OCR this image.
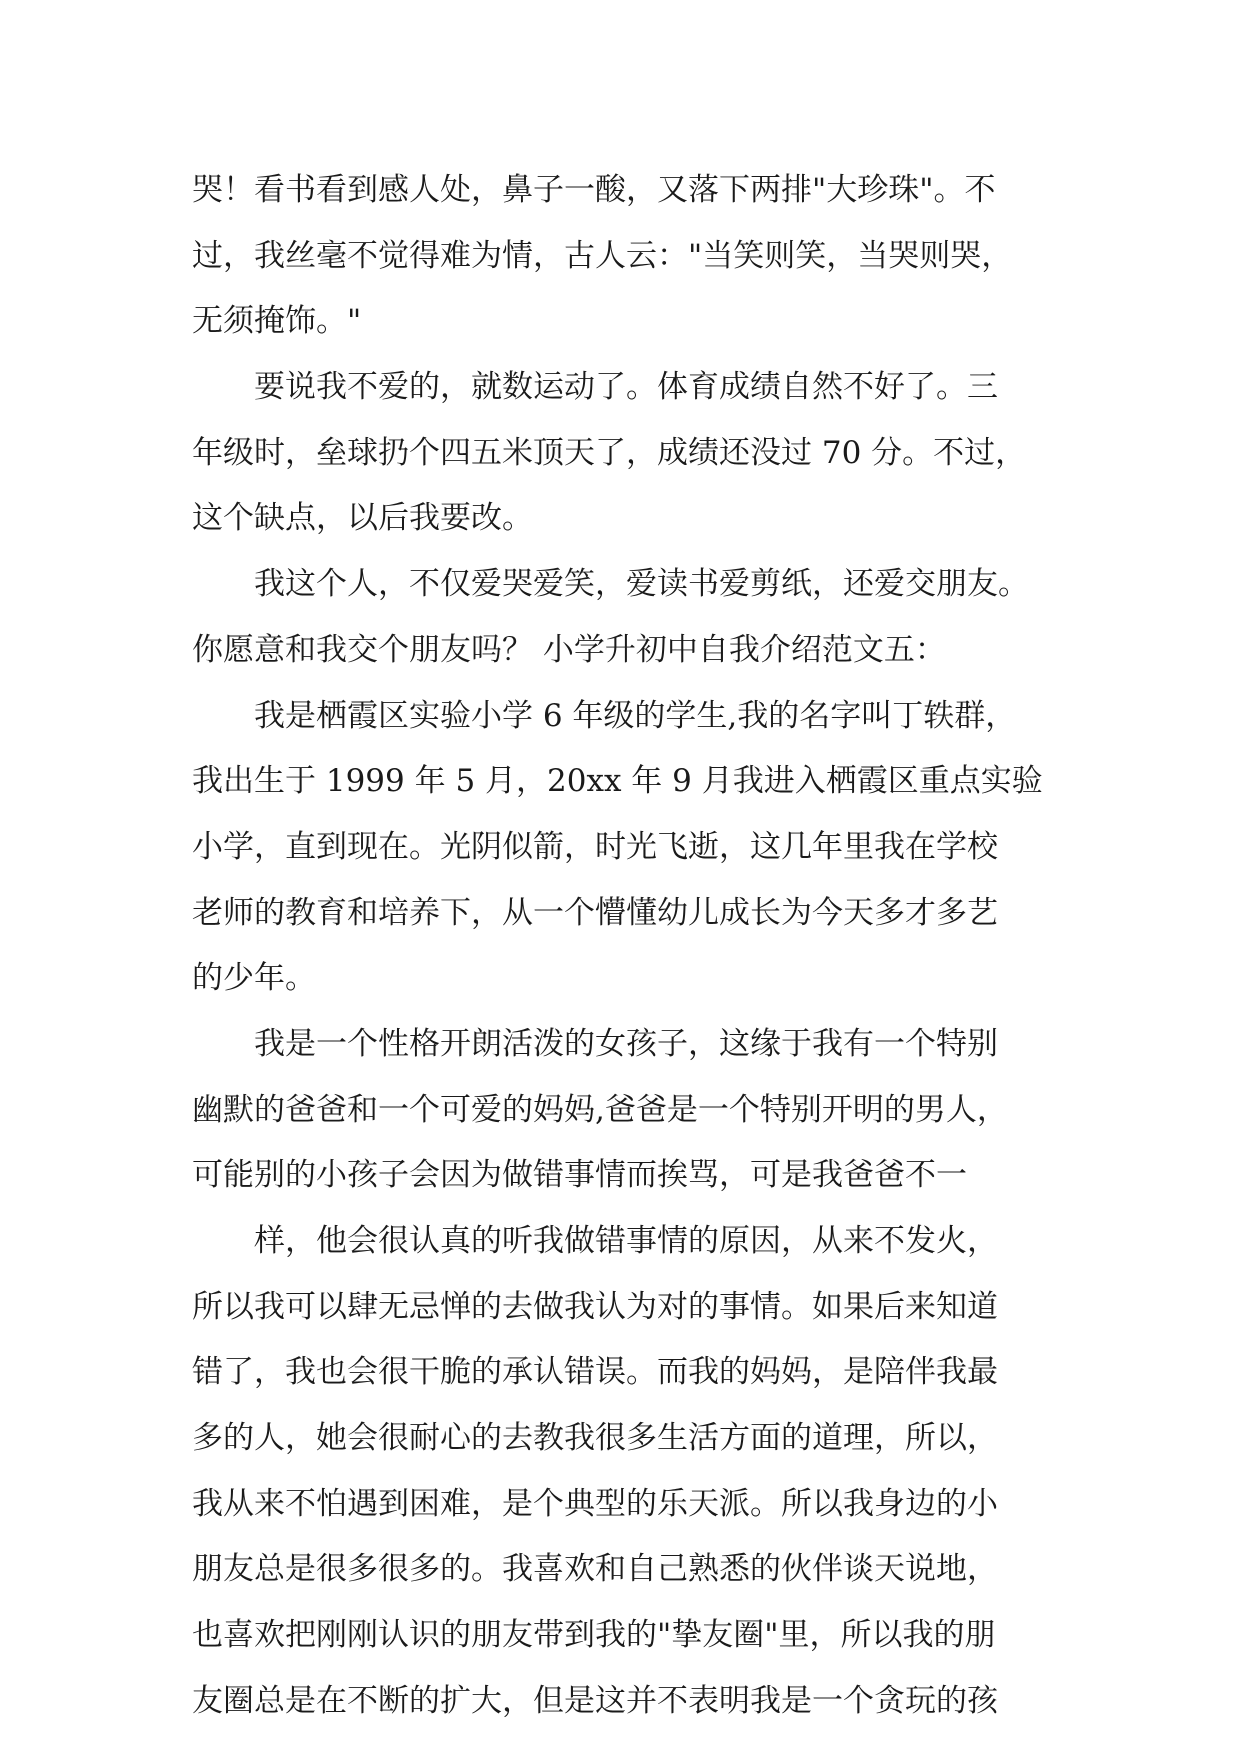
哭！看书看到感人处，鼻子一酸，又落下两排"大珍珠"。不
过，我丝毫不觉得难为情，古人云："当笑则笑，当哭则哭，
无须掩饰。"
要说我不爱的，就数运动了。体育成绩自然不好了。三
年级时，垒球扔个四五米顶天了，成绩还没过 70 分。不过，
这个缺点，以后我要改。
我这个人，不仅爱哭爱笑，爱读书爱剪纸，还爱交朋友。
你愿意和我交个朋友吗？ 小学升初中自我介绍范文五：
我是栖霞区实验小学 6 年级的学生,我的名字叫丁轶群，
我出生于 1999 年 5 月，20xx 年 9 月我进入栖霞区重点实验
小学，直到现在。光阴似箭，时光飞逝，这几年里我在学校
老师的教育和培养下，从一个懵懂幼儿成长为今天多才多艺
的少年。
我是一个性格开朗活泼的女孩子，这缘于我有一个特别
幽默的爸爸和一个可爱的妈妈,爸爸是一个特别开明的男人，
可能别的小孩子会因为做错事情而挨骂，可是我爸爸不一
样，他会很认真的听我做错事情的原因，从来不发火，
所以我可以肆无忌惮的去做我认为对的事情。如果后来知道
错了，我也会很干脆的承认错误。而我的妈妈，是陪伴我最
多的人，她会很耐心的去教我很多生活方面的道理，所以，
我从来不怕遇到困难，是个典型的乐天派。所以我身边的小
朋友总是很多很多的。我喜欢和自己熟悉的伙伴谈天说地，
也喜欢把刚刚认识的朋友带到我的"挚友圈"里，所以我的朋
友圈总是在不断的扩大，但是这并不表明我是一个贪玩的孩
